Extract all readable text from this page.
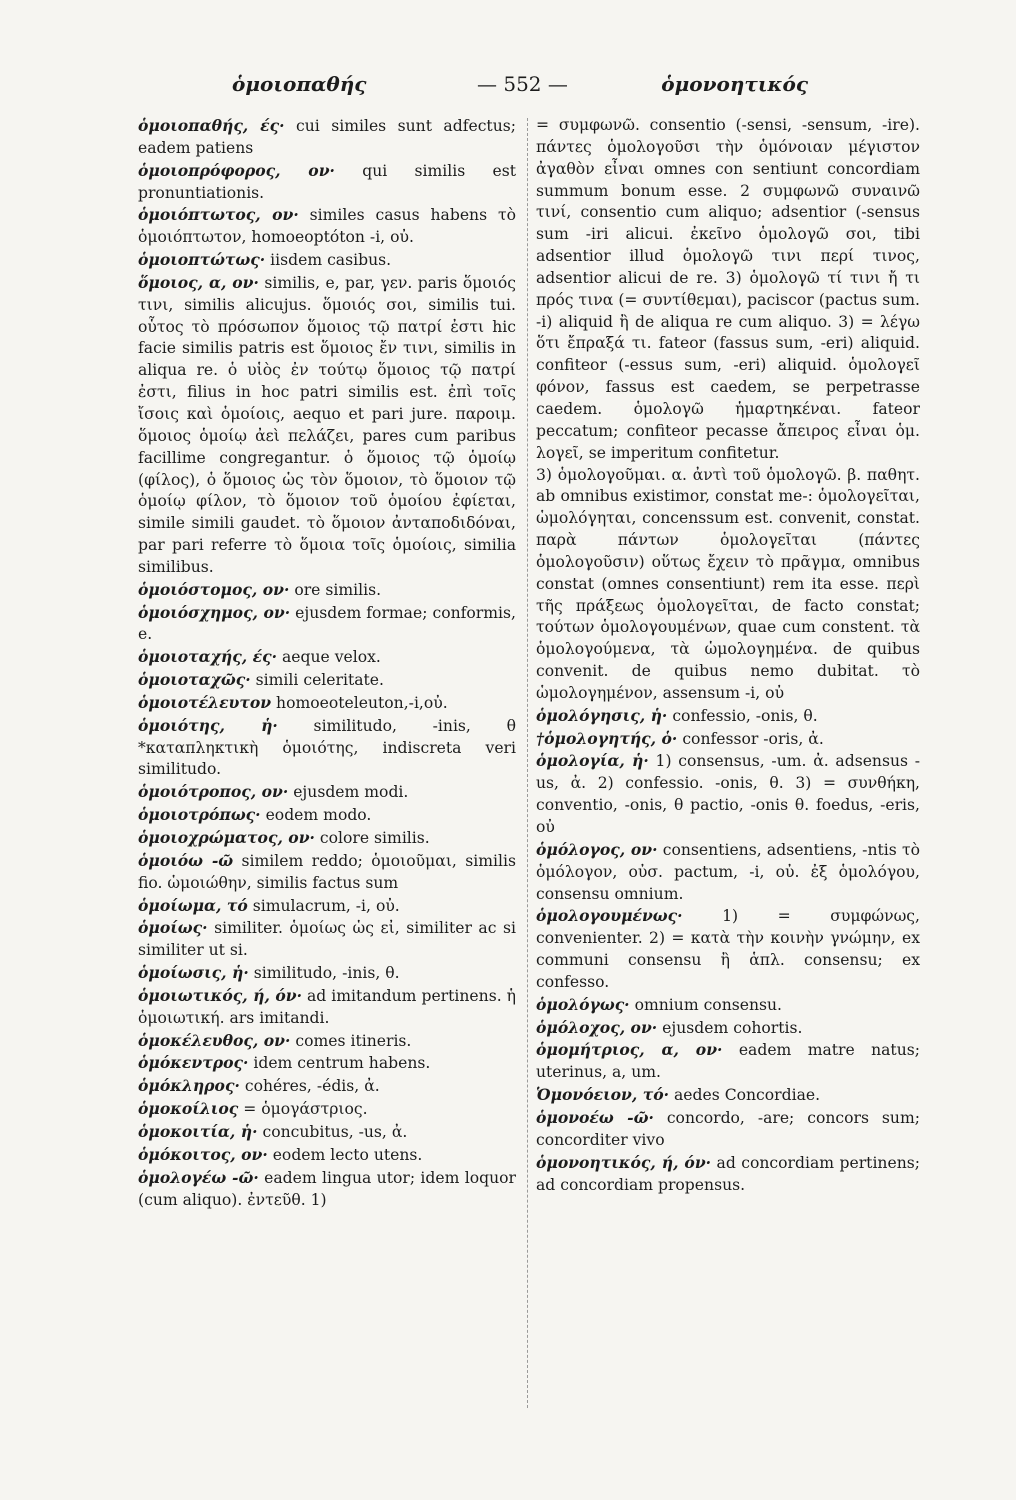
ὁμοιοπαθής	— 552 —	ὁμονοητικός

ὁμοιοπαθής, ές· cui similes sunt adfectus; eadem patiens

ὁμοιοπρόφορος, ον· qui similis est pronuntiationis.

ὁμοιόπτωτος, ον· similes casus habens τὸ ὁμοιόπτωτον, homoeoptóton -i, οὐ.

ὁμοιοπτώτως· iisdem casibus.

ὅμοιος, α, ον· similis, e, par, γεν. paris ὅμοιός τινι, similis alicujus. ὅμοιός σοι, similis tui. οὗτος τὸ πρόσωπον ὅμοιος τῷ πατρί ἐστι hic facie similis patris est ὅμοιος ἔν τινι, similis in aliqua re. ὁ υἱὸς ἐν τούτῳ ὅμοιος τῷ πατρί ἐστι, filius in hoc patri similis est. ἐπὶ τοῖς ἴσοις καὶ ὁμοίοις, aequo et pari jure. παροιμ. ὅμοιος ὁμοίῳ ἀεὶ πελάζει, pares cum paribus facillime congregantur. ὁ ὅμοιος τῷ ὁμοίῳ (φίλος), ὁ ὅμοιος ὡς τὸν ὅμοιον, τὸ ὅμοιον τῷ ὁμοίῳ φίλον, τὸ ὅμοιον τοῦ ὁμοίου ἐφίεται, simile simili gaudet. τὸ ὅμοιον ἀνταποδιδόναι, par pari referre τὸ ὅμοια τοῖς ὁμοίοις, similia similibus.

ὁμοιόστομος, ον· ore similis.

ὁμοιόσχημος, ον· ejusdem formae; conformis, e.

ὁμοιοταχής, ές· aeque velox.

ὁμοιοταχῶς· simili celeritate.

ὁμοιοτέλευτον homoeoteleuton,-i,οὐ.

ὁμοιότης, ἡ· similitudo, -inis, θ *καταπληκτικὴ ὁμοιότης, indiscreta veri similitudo.

ὁμοιότροπος, ον· ejusdem modi.

ὁμοιοτρόπως· eodem modo.

ὁμοιοχρώματος, ον· colore similis.

ὁμοιόω -ῶ similem reddo; ὁμοιοῦμαι, similis fio. ὡμοιώθην, similis factus sum

ὁμοίωμα, τό simulacrum, -i, οὐ.

ὁμοίως· similiter. ὁμοίως ὡς εἰ, similiter ac si similiter ut si.

ὁμοίωσις, ἡ· similitudo, -inis, θ.

ὁμοιωτικός, ή, όν· ad imitandum pertinens. ἡ ὁμοιωτική. ars imitandi.

ὁμοκέλευθος, ον· comes itineris.

ὁμόκεντρος· idem centrum habens.

ὁμόκληρος· cohéres, -édis, ἀ.

ὁμοκοίλιος = ὁμογάστριος.

ὁμοκοιτία, ἡ· concubitus, -us, ἀ.

ὁμόκοιτος, ον· eodem lecto utens.

ὁμολογέω -ῶ· eadem lingua utor; idem loquor (cum aliquo). ἐντεῦθ. 1)

= συμφωνῶ. consentio (-sensi, -sensum, -ire). πάντες ὁμολογοῦσι τὴν ὁμόνοιαν μέγιστον ἀγαθὸν εἶναι omnes con sentiunt concordiam summum bonum esse. 2 συμφωνῶ συναινῶ τινί, consentio cum aliquo; adsentior (-sensus sum -iri alicui. ἐκεῖνο ὁμολογῶ σοι, tibi adsentior illud ὁμολογῶ τινι περί τινος, adsentior alicui de re. 3) ὁμολογῶ τί τινι ἤ τι πρός τινα (= συντίθεμαι), paciscor (pactus sum. -i) aliquid ἢ de aliqua re cum aliquo. 3) = λέγω ὅτι ἔπραξά τι. fateor (fassus sum, -eri) aliquid. confiteor (-essus sum, -eri) aliquid. ὁμολογεῖ φόνον, fassus est caedem, se perpetrasse caedem. ὁμολογῶ ἡμαρτηκέναι. fateor peccatum; confiteor pecasse ἄπειρος εἶναι ὁμ. λογεῖ, se imperitum confitetur.

3) ὁμολογοῦμαι. α. ἀντὶ τοῦ ὁμολογῶ. β. παθητ. ab omnibus existimor, constat me-: ὁμολογεῖται, ὡμολόγηται, concenssum est. convenit, constat. παρὰ πάντων ὁμολογεῖται (πάντες ὁμολογοῦσιν) οὕτως ἔχειν τὸ πρᾶγμα, omnibus constat (omnes consentiunt) rem ita esse. περὶ τῆς πράξεως ὁμολογεῖται, de facto constat; τούτων ὁμολογουμένων, quae cum constent. τὰ ὁμολογούμενα, τὰ ὡμολογημένα. de quibus convenit. de quibus nemo dubitat. τὸ ὡμολογημένον, assensum -i, οὐ

ὁμολόγησις, ἡ· confessio, -onis, θ.

†ὁμολογητής, ὁ· confessor -oris, ἀ.

ὁμολογία, ἡ· 1) consensus, -um. ἀ. adsensus -us, ἀ. 2) confessio. -onis, θ. 3) = συνθήκη, conventio, -onis, θ pactio, -onis θ. foedus, -eris, οὐ

ὁμόλογος, ον· consentiens, adsentiens, -ntis τὸ ὁμόλογον, οὐσ. pactum, -i, οὐ. ἐξ ὁμολόγου, consensu omnium.

ὁμολογουμένως· 1) = συμφώνως, convenienter. 2) = κατὰ τὴν κοινὴν γνώμην, ex communi consensu ἢ ἁπλ. consensu; ex confesso.

ὁμολόγως· omnium consensu.

ὁμόλοχος, ον· ejusdem cohortis.

ὁμομήτριος, α, ον· eadem matre natus; uterinus, a, um.

Ὁμονόειον, τό· aedes Concordiae.

ὁμονοέω -ῶ· concordo, -are; concors sum; concorditer vivo

ὁμονοητικός, ή, όν· ad concordiam pertinens; ad concordiam propensus.
